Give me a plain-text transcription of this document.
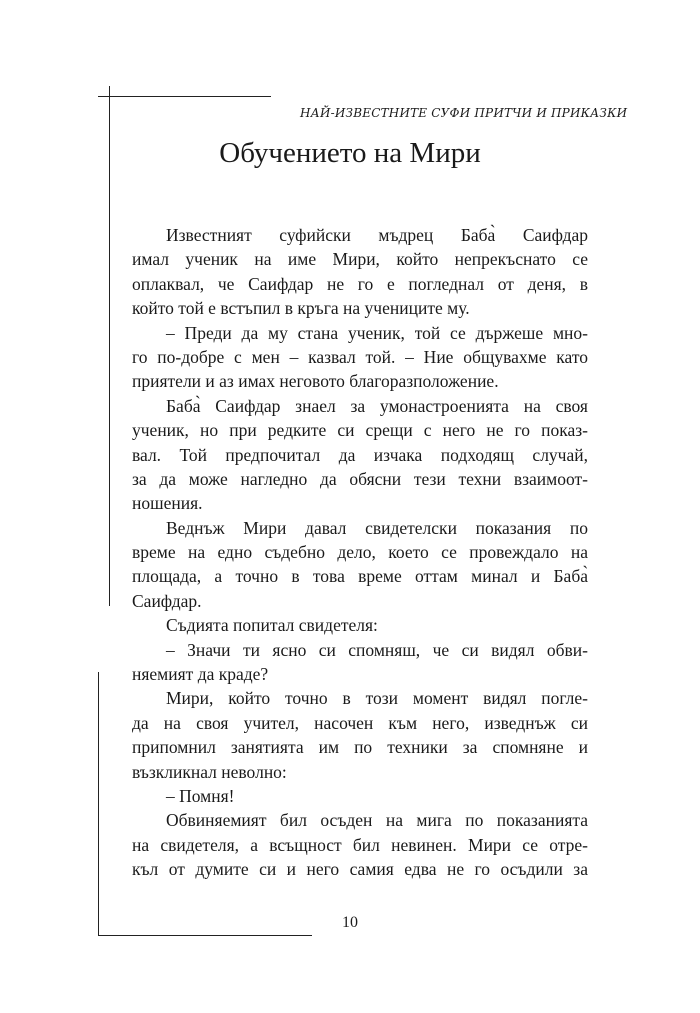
НАЙ-ИЗВЕСТНИТЕ СУФИ ПРИТЧИ И ПРИКАЗКИ
Обучението на Мири
Известният суфийски мъдрец Баба̀ Саифдар
имал ученик на име Мири, който непрекъснато се
оплаквал, че Саифдар не го е погледнал от деня, в
който той е встъпил в кръга на учениците му.
– Преди да му стана ученик, той се държеше мно-
го по-добре с мен – казвал той. – Ние общувахме като
приятели и аз имах неговото благоразположение.
Баба̀ Саифдар знаел за умонастроенията на своя
ученик, но при редките си срещи с него не го показ-
вал. Той предпочитал да изчака подходящ случай,
за да може нагледно да обясни тези техни взаимоот-
ношения.
Веднъж Мири давал свидетелски показания по
време на едно съдебно дело, което се провеждало на
площада, а точно в това време оттам минал и Баба̀
Саифдар.
Съдията попитал свидетеля:
– Значи ти ясно си спомняш, че си видял обви-
няемият да краде?
Мири, който точно в този момент видял погле-
да на своя учител, насочен към него, изведнъж си
припомнил занятията им по техники за спомняне и
възкликнал неволно:
– Помня!
Обвиняемият бил осъден на мига по показанията
на свидетеля, а всъщност бил невинен. Мири се отре-
къл от думите си и него самия едва не го осъдили за
10
